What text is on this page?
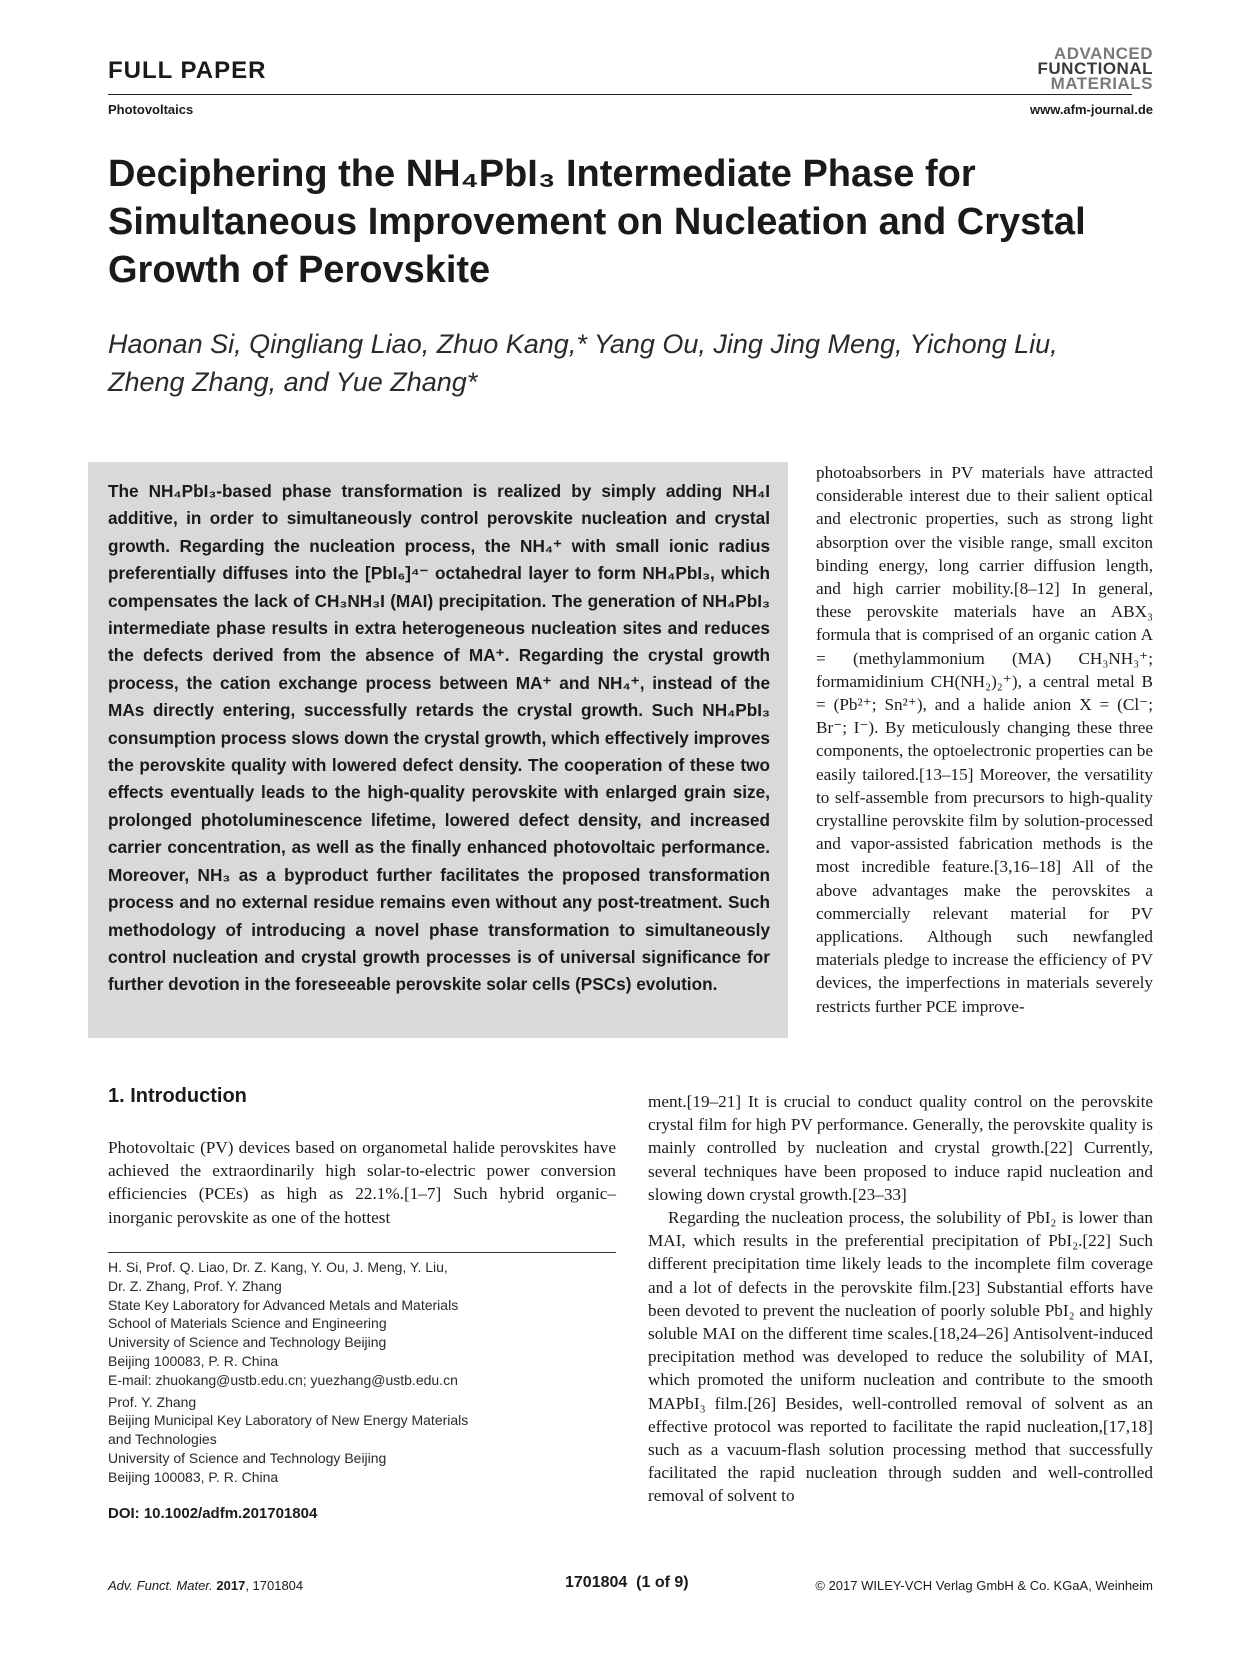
FULL PAPER
Photovoltaics
ADVANCED
FUNCTIONAL
MATERIALS
www.afm-journal.de
Deciphering the NH₄PbI₃ Intermediate Phase for Simultaneous Improvement on Nucleation and Crystal Growth of Perovskite
Haonan Si, Qingliang Liao, Zhuo Kang,* Yang Ou, Jing Jing Meng, Yichong Liu, Zheng Zhang, and Yue Zhang*
The NH₄PbI₃-based phase transformation is realized by simply adding NH₄I additive, in order to simultaneously control perovskite nucleation and crystal growth. Regarding the nucleation process, the NH₄⁺ with small ionic radius preferentially diffuses into the [PbI₆]⁴⁻ octahedral layer to form NH₄PbI₃, which compensates the lack of CH₃NH₃I (MAI) precipitation. The generation of NH₄PbI₃ intermediate phase results in extra heterogeneous nucleation sites and reduces the defects derived from the absence of MA⁺. Regarding the crystal growth process, the cation exchange process between MA⁺ and NH₄⁺, instead of the MAs directly entering, successfully retards the crystal growth. Such NH₄PbI₃ consumption process slows down the crystal growth, which effectively improves the perovskite quality with lowered defect density. The cooperation of these two effects eventually leads to the high-quality perovskite with enlarged grain size, prolonged photoluminescence lifetime, lowered defect density, and increased carrier concentration, as well as the finally enhanced photovoltaic performance. Moreover, NH₃ as a byproduct further facilitates the proposed transformation process and no external residue remains even without any post-treatment. Such methodology of introducing a novel phase transformation to simultaneously control nucleation and crystal growth processes is of universal significance for further devotion in the foreseeable perovskite solar cells (PSCs) evolution.
photoabsorbers in PV materials have attracted considerable interest due to their salient optical and electronic properties, such as strong light absorption over the visible range, small exciton binding energy, long carrier diffusion length, and high carrier mobility.[8–12] In general, these perovskite materials have an ABX₃ formula that is comprised of an organic cation A = (methylammonium (MA) CH₃NH₃⁺; formamidinium CH(NH₂)₂⁺), a central metal B = (Pb²⁺; Sn²⁺), and a halide anion X = (Cl⁻; Br⁻; I⁻). By meticulously changing these three components, the optoelectronic properties can be easily tailored.[13–15] Moreover, the versatility to self-assemble from precursors to high-quality crystalline perovskite film by solution-processed and vapor-assisted fabrication methods is the most incredible feature.[3,16–18] All of the above advantages make the perovskites a commercially relevant material for PV applications. Although such newfangled materials pledge to increase the efficiency of PV devices, the imperfections in materials severely restricts further PCE improve-
1. Introduction
Photovoltaic (PV) devices based on organometal halide perovskites have achieved the extraordinarily high solar-to-electric power conversion efficiencies (PCEs) as high as 22.1%.[1–7] Such hybrid organic–inorganic perovskite as one of the hottest
ment.[19–21] It is crucial to conduct quality control on the perovskite crystal film for high PV performance. Generally, the perovskite quality is mainly controlled by nucleation and crystal growth.[22] Currently, several techniques have been proposed to induce rapid nucleation and slowing down crystal growth.[23–33]
Regarding the nucleation process, the solubility of PbI₂ is lower than MAI, which results in the preferential precipitation of PbI₂.[22] Such different precipitation time likely leads to the incomplete film coverage and a lot of defects in the perovskite film.[23] Substantial efforts have been devoted to prevent the nucleation of poorly soluble PbI₂ and highly soluble MAI on the different time scales.[18,24–26] Antisolvent-induced precipitation method was developed to reduce the solubility of MAI, which promoted the uniform nucleation and contribute to the smooth MAPbI₃ film.[26] Besides, well-controlled removal of solvent as an effective protocol was reported to facilitate the rapid nucleation,[17,18] such as a vacuum-flash solution processing method that successfully facilitated the rapid nucleation through sudden and well-controlled removal of solvent to
H. Si, Prof. Q. Liao, Dr. Z. Kang, Y. Ou, J. Meng, Y. Liu,
Dr. Z. Zhang, Prof. Y. Zhang
State Key Laboratory for Advanced Metals and Materials
School of Materials Science and Engineering
University of Science and Technology Beijing
Beijing 100083, P. R. China
E-mail: zhuokang@ustb.edu.cn; yuezhang@ustb.edu.cn
Prof. Y. Zhang
Beijing Municipal Key Laboratory of New Energy Materials
and Technologies
University of Science and Technology Beijing
Beijing 100083, P. R. China
DOI: 10.1002/adfm.201701804
Adv. Funct. Mater. 2017, 1701804	1701804  (1 of 9)	© 2017 WILEY-VCH Verlag GmbH & Co. KGaA, Weinheim
